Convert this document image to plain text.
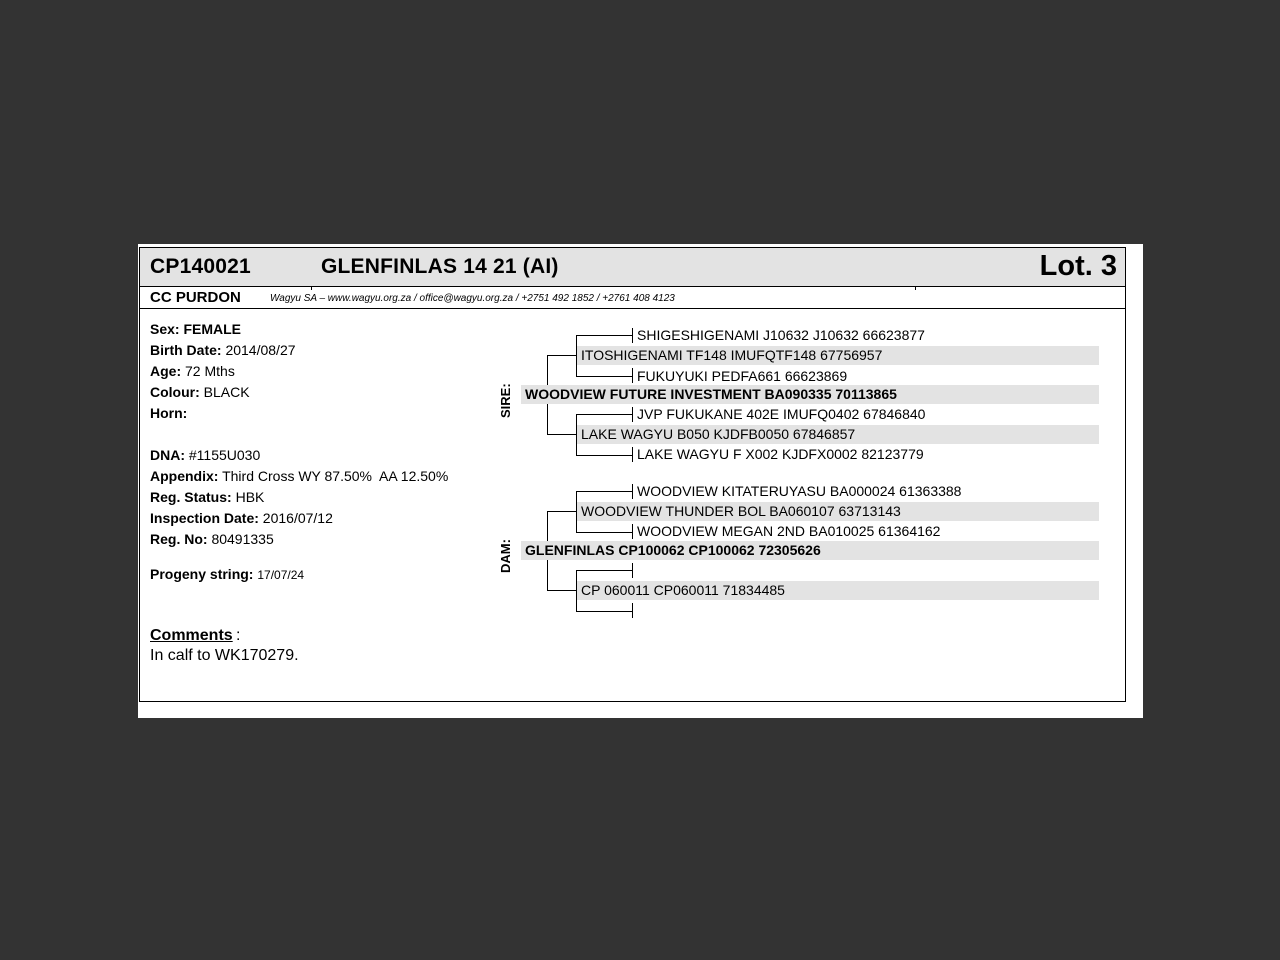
CP140021	GLENFINLAS 14 21 (AI)	Lot. 3
CC PURDON	Wagyu SA – www.wagyu.org.za / office@wagyu.org.za / +2751 492 1852 / +2761 408 4123
Sex: FEMALE
Birth Date: 2014/08/27
Age: 72 Mths
Colour: BLACK
Horn:
DNA: #1155U030
Appendix: Third Cross WY 87.50%  AA 12.50%
Reg. Status: HBK
Inspection Date: 2016/07/12
Reg. No: 80491335
Progeny string: 17/07/24
Comments :
In calf to WK170279.
SIRE:
DAM:
SHIGESHIGENAMI J10632 J10632 66623877
ITOSHIGENAMI TF148 IMUFQTF148 67756957
FUKUYUKI PEDFA661 66623869
WOODVIEW FUTURE INVESTMENT BA090335 70113865
JVP FUKUKANE 402E IMUFQ0402 67846840
LAKE WAGYU B050 KJDFB0050 67846857
LAKE WAGYU F X002 KJDFX0002 82123779
WOODVIEW KITATERUYASU BA000024 61363388
WOODVIEW THUNDER BOL BA060107 63713143
WOODVIEW MEGAN 2ND BA010025 61364162
GLENFINLAS CP100062 CP100062 72305626
CP 060011 CP060011 71834485
